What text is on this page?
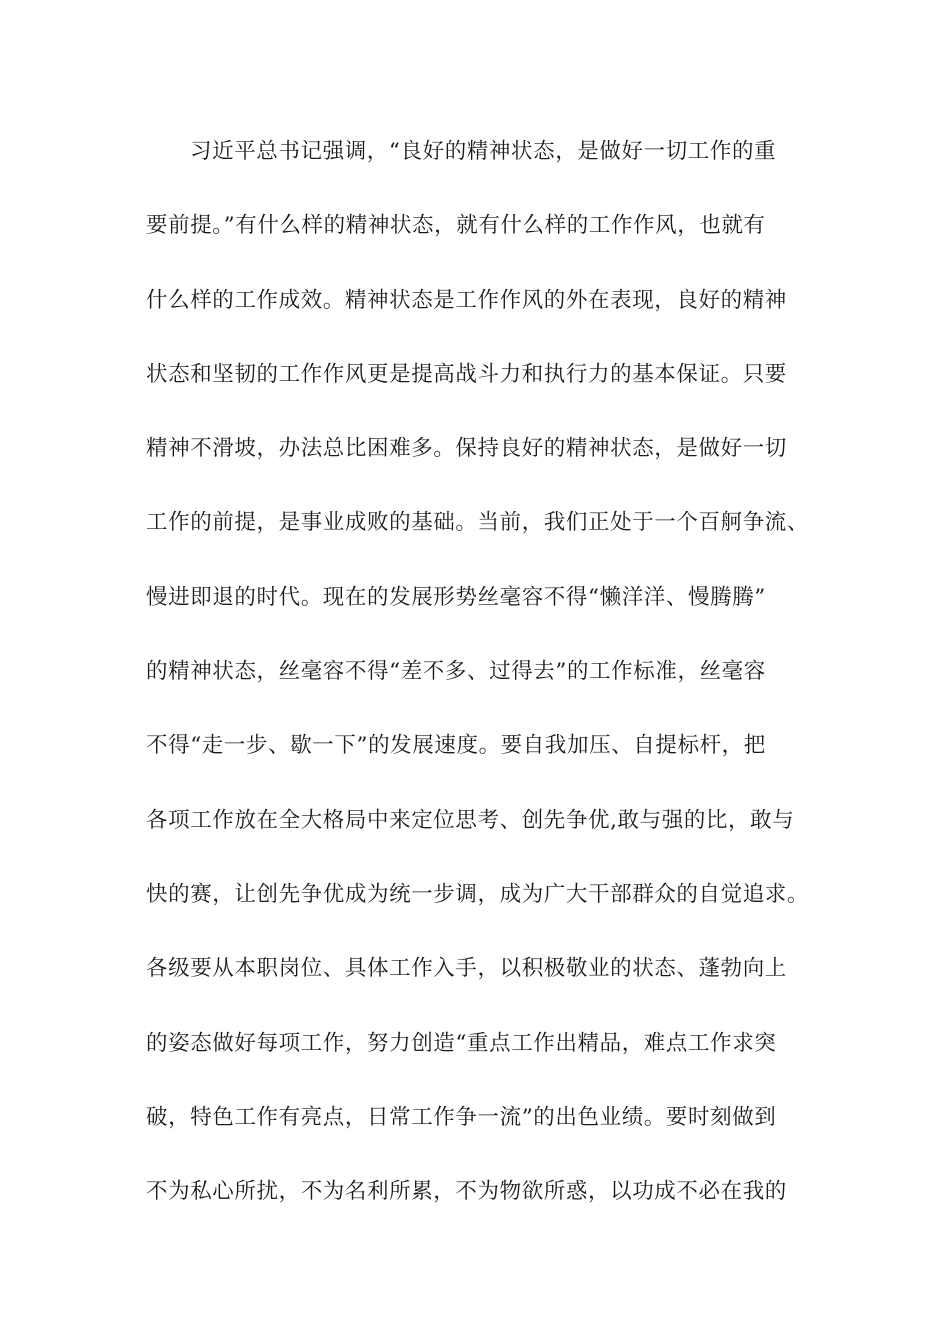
习近平总书记强调，“良好的精神状态，是做好一切工作的重
要前提。”有什么样的精神状态，就有什么样的工作作风，也就有
什么样的工作成效。精神状态是工作作风的外在表现，良好的精神
状态和坚韧的工作作风更是提高战斗力和执行力的基本保证。只要
精神不滑坡，办法总比困难多。保持良好的精神状态，是做好一切
工作的前提，是事业成败的基础。当前，我们正处于一个百舸争流、
慢进即退的时代。现在的发展形势丝毫容不得“懒洋洋、慢腾腾”
的精神状态，丝毫容不得“差不多、过得去”的工作标准，丝毫容
不得“走一步、歇一下”的发展速度。要自我加压、自提标杆，把
各项工作放在全大格局中来定位思考、创先争优,敢与强的比，敢与
快的赛，让创先争优成为统一步调，成为广大干部群众的自觉追求。
各级要从本职岗位、具体工作入手，以积极敬业的状态、蓬勃向上
的姿态做好每项工作，努力创造“重点工作出精品，难点工作求突
破，特色工作有亮点，日常工作争一流”的出色业绩。要时刻做到
不为私心所扰，不为名利所累，不为物欲所惑，以功成不必在我的
